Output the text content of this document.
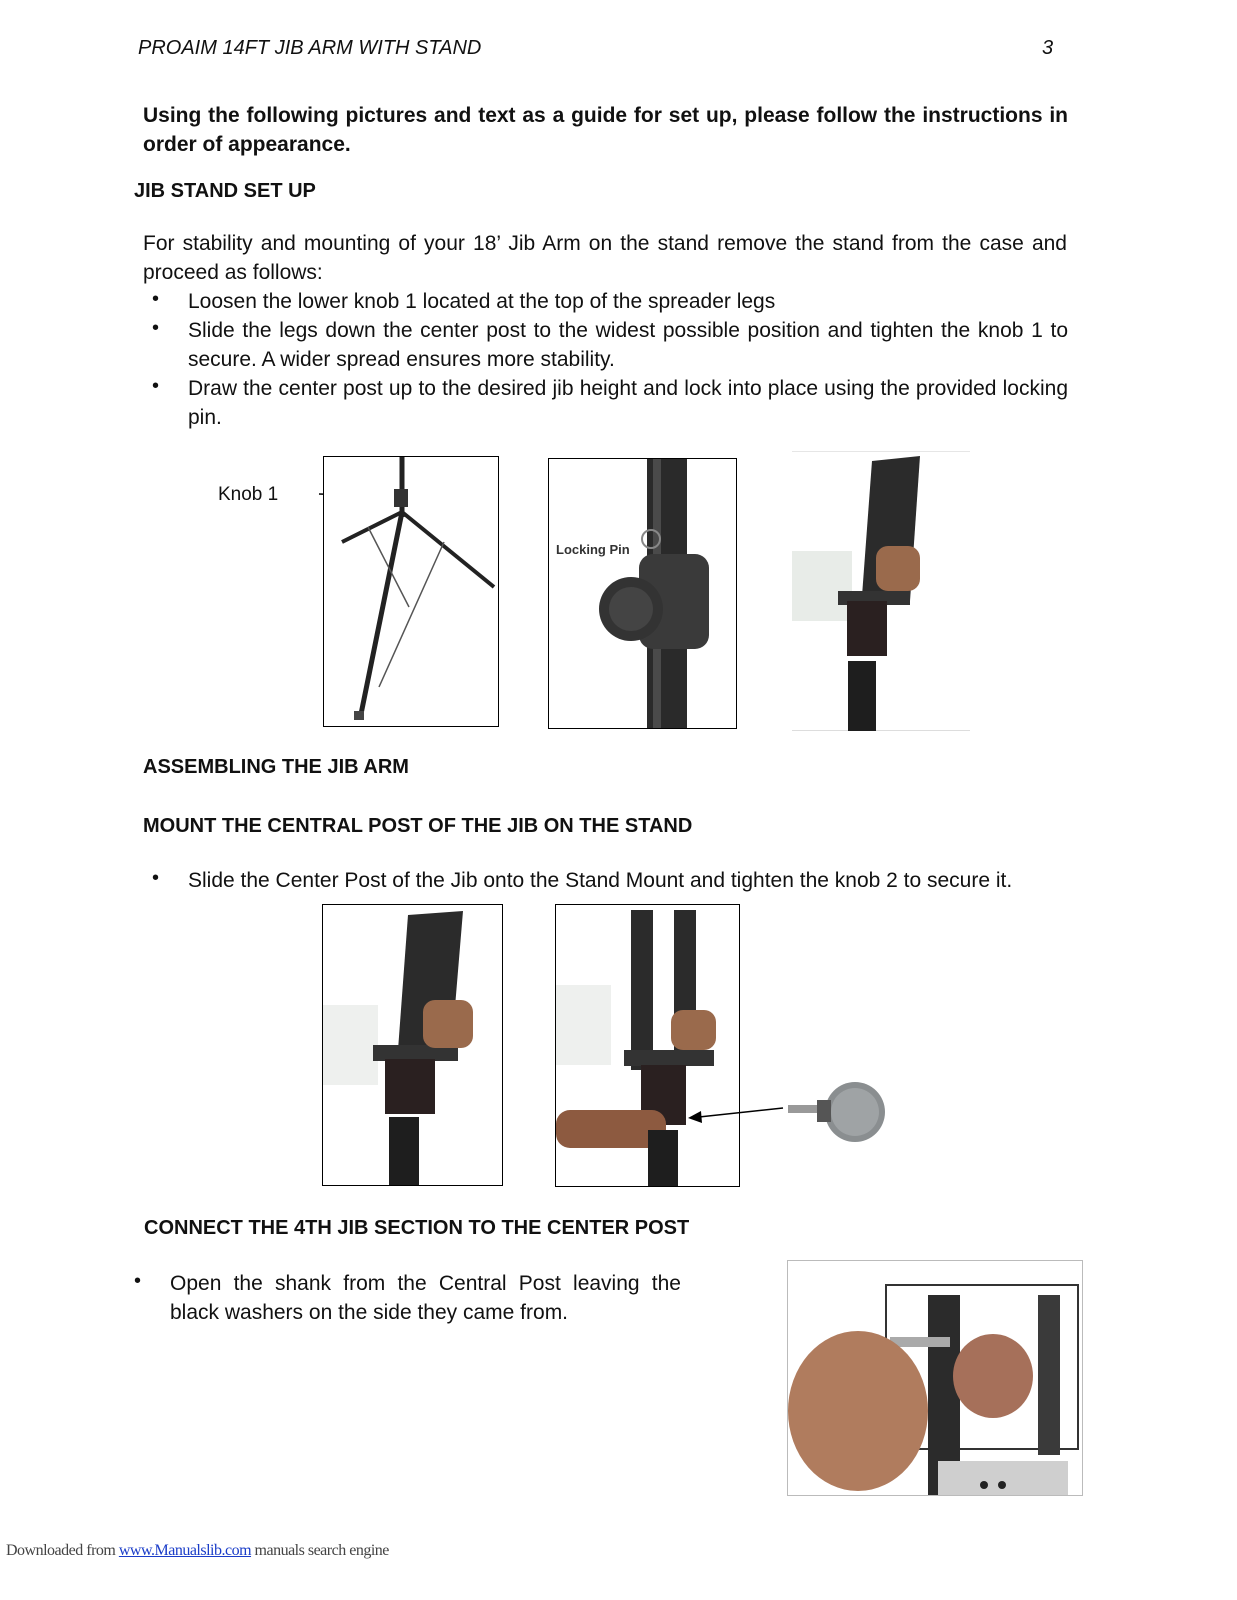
PROAIM 14FT JIB ARM WITH STAND	3
Using the following pictures and text as a guide for set up, please follow the instructions in order of appearance.
JIB STAND SET UP
For stability and mounting of your 18’ Jib Arm on the stand remove the stand from the case and proceed as follows:
• Loosen the lower knob 1 located at the top of the spreader legs
• Slide the legs down the center post to the widest possible position and tighten the knob 1 to secure. A wider spread ensures more stability.
• Draw the center post up to the desired jib height and lock into place using the provided locking pin.
Knob 1
Locking Pin
ASSEMBLING THE JIB ARM
MOUNT THE CENTRAL POST OF THE JIB ON THE STAND
• Slide the Center Post of the Jib onto the Stand Mount and tighten the knob 2 to secure it.
CONNECT THE 4TH JIB SECTION TO THE CENTER POST
• Open the shank from the Central Post leaving the black washers on the side they came from.
Downloaded from www.Manualslib.com manuals search engine
